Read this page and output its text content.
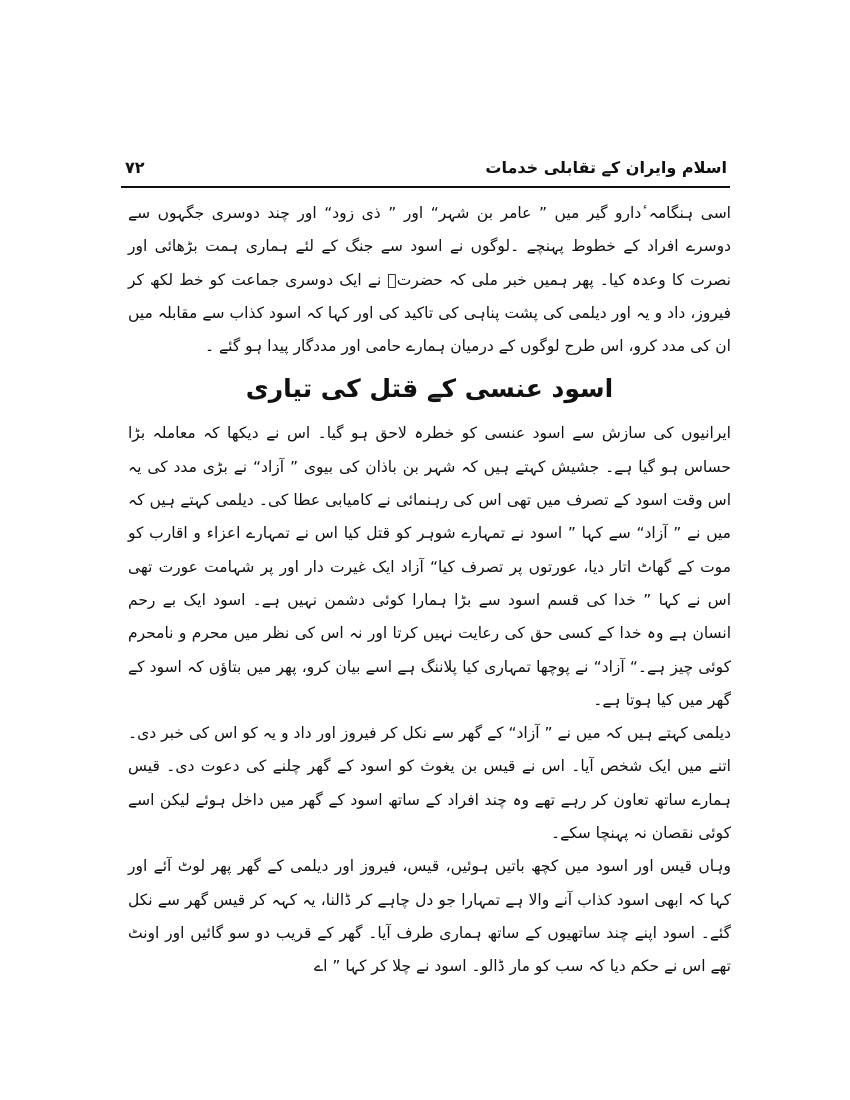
اسلام وایران کے تقابلی خدمات
۷۲

اسی ہنگامہ ٔدارو گیر میں ” عامر بن شہر“ اور ” ذی زود“ اور چند دوسری جگہوں سے دوسرے افراد کے خطوط پہنچے ۔لوگوں نے اسود سے جنگ کے لئے ہماری ہمت بڑھائی اور نصرت کا وعدہ کیا۔ پھر ہمیں خبر ملی کہ حضرتؐ نے ایک دوسری جماعت کو خط لکھ کر فیروز، داد و یہ اور دیلمی کی پشت پناہی کی تاکید کی اور کہا کہ اسود کذاب سے مقابلہ میں ان کی مدد کرو، اس طرح لوگوں کے درمیان ہمارے حامی اور مددگار پیدا ہو گئے ۔

اسود عنسی کے قتل کی تیاری

ایرانیوں کی سازش سے اسود عنسی کو خطرہ لاحق ہو گیا۔ اس نے دیکھا کہ معاملہ بڑا حساس ہو گیا ہے۔ جشیش کہتے ہیں کہ شہر بن باذان کی بیوی ” آزاد“ نے بڑی مدد کی یہ اس وقت اسود کے تصرف میں تھی اس کی رہنمائی نے کامیابی عطا کی۔ دیلمی کہتے ہیں کہ میں نے ” آزاد“ سے کہا ” اسود نے تمہارے شوہر کو قتل کیا اس نے تمہارے اعزاء و اقارب کو موت کے گھاٹ اتار دیا، عورتوں پر تصرف کیا“ آزاد ایک غیرت دار اور پر شہامت عورت تھی اس نے کہا ” خدا کی قسم اسود سے بڑا ہمارا کوئی دشمن نہیں ہے۔ اسود ایک بے رحم انسان ہے وہ خدا کے کسی حق کی رعایت نہیں کرتا اور نہ اس کی نظر میں محرم و نامحرم کوئی چیز ہے۔“ آزاد“ نے پوچھا تمہاری کیا پلاننگ ہے اسے بیان کرو، پھر میں بتاؤں کہ اسود کے گھر میں کیا ہوتا ہے۔

دیلمی کہتے ہیں کہ میں نے ” آزاد“ کے گھر سے نکل کر فیروز اور داد و یہ کو اس کی خبر دی۔ اتنے میں ایک شخص آیا۔ اس نے قیس بن یغوث کو اسود کے گھر چلنے کی دعوت دی۔ قیس ہمارے ساتھ تعاون کر رہے تھے وہ چند افراد کے ساتھ اسود کے گھر میں داخل ہوئے لیکن اسے کوئی نقصان نہ پہنچا سکے۔

وہاں قیس اور اسود میں کچھ باتیں ہوئیں، قیس، فیروز اور دیلمی کے گھر پھر لوٹ آئے اور کہا کہ ابھی اسود کذاب آنے والا ہے تمہارا جو دل چاہے کر ڈالنا، یہ کہہ کر قیس گھر سے نکل گئے۔ اسود اپنے چند ساتھیوں کے ساتھ ہماری طرف آیا۔ گھر کے قریب دو سو گائیں اور اونٹ تھے اس نے حکم دیا کہ سب کو مار ڈالو۔ اسود نے چلا کر کہا ” اے
